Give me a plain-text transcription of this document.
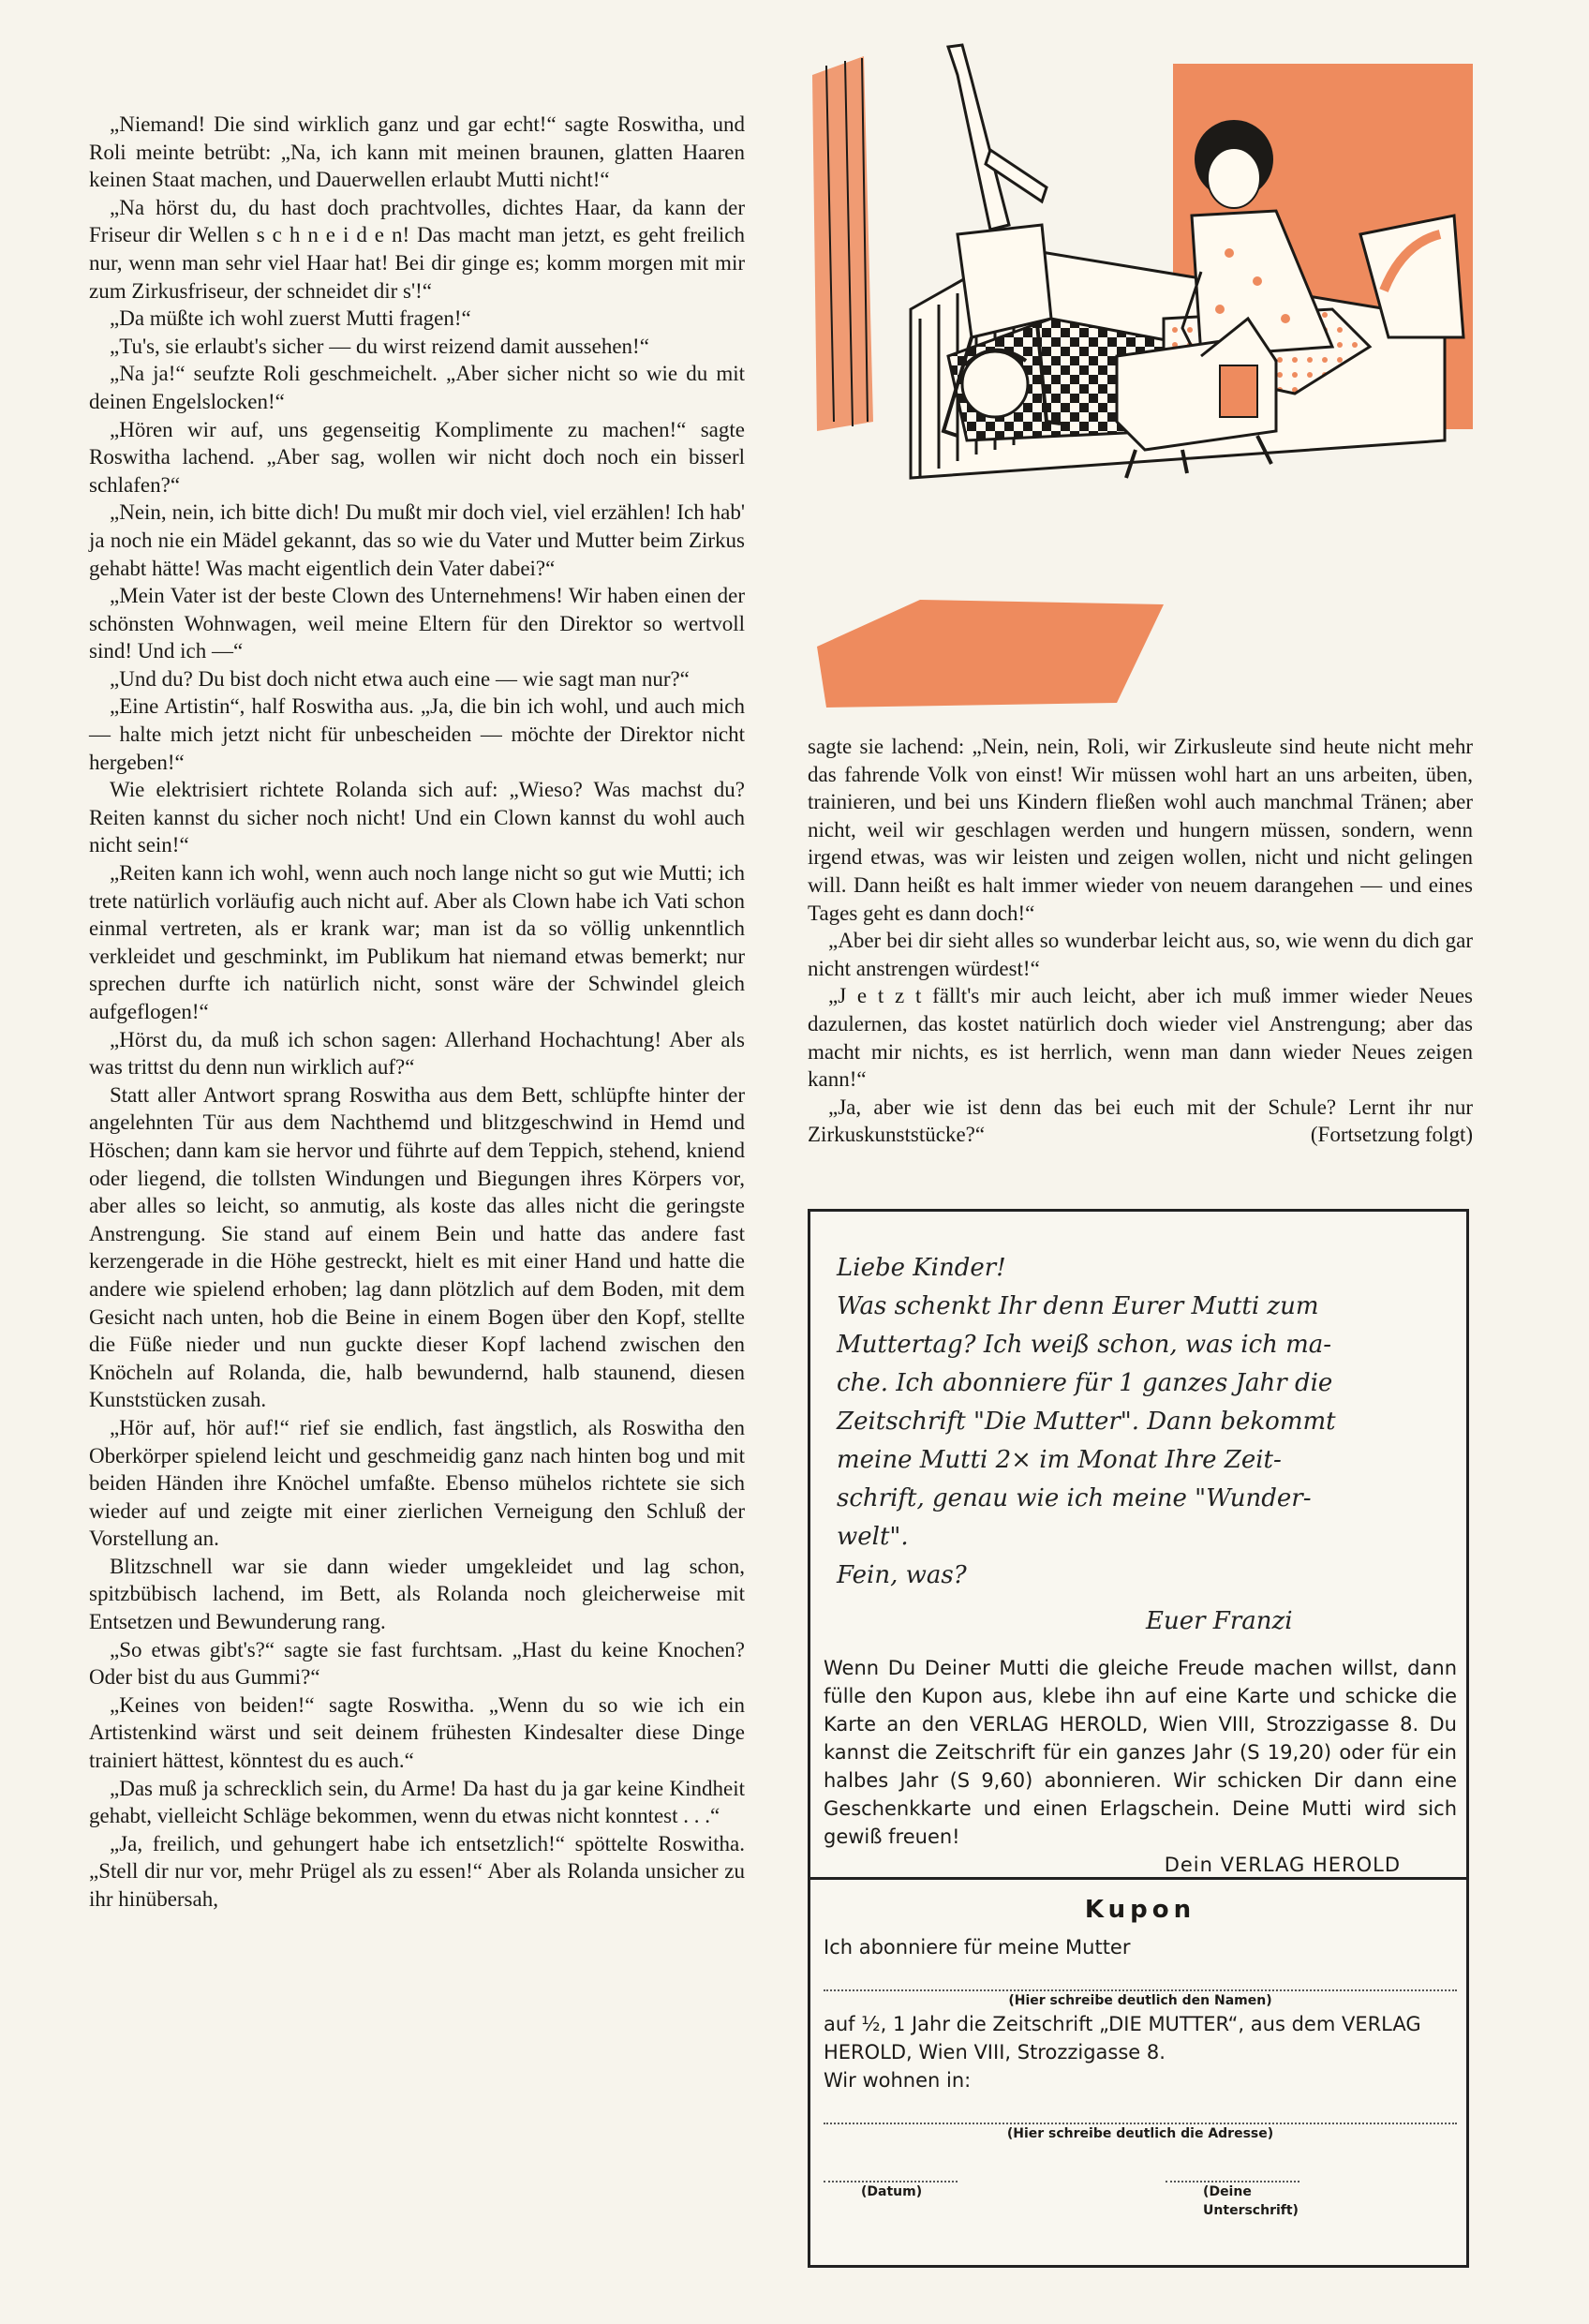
„Niemand! Die sind wirklich ganz und gar echt!“ sagte Roswitha, und Roli meinte betrübt: „Na, ich kann mit meinen braunen, glatten Haaren keinen Staat machen, und Dauerwellen erlaubt Mutti nicht!“

„Na hörst du, du hast doch prachtvolles, dichtes Haar, da kann der Friseur dir Wellen s c h n e i d e n! Das macht man jetzt, es geht freilich nur, wenn man sehr viel Haar hat! Bei dir ginge es; komm morgen mit mir zum Zirkusfriseur, der schneidet dir s'!“

„Da müßte ich wohl zuerst Mutti fragen!“

„Tu's, sie erlaubt's sicher — du wirst reizend damit aussehen!“

„Na ja!“ seufzte Roli geschmeichelt. „Aber sicher nicht so wie du mit deinen Engelslocken!“

„Hören wir auf, uns gegenseitig Komplimente zu machen!“ sagte Roswitha lachend. „Aber sag, wollen wir nicht doch noch ein bisserl schlafen?“

„Nein, nein, ich bitte dich! Du mußt mir doch viel, viel erzählen! Ich hab' ja noch nie ein Mädel gekannt, das so wie du Vater und Mutter beim Zirkus gehabt hätte! Was macht eigentlich dein Vater dabei?“

„Mein Vater ist der beste Clown des Unternehmens! Wir haben einen der schönsten Wohnwagen, weil meine Eltern für den Direktor so wertvoll sind! Und ich —“

„Und du? Du bist doch nicht etwa auch eine — wie sagt man nur?“

„Eine Artistin“, half Roswitha aus. „Ja, die bin ich wohl, und auch mich — halte mich jetzt nicht für unbescheiden — möchte der Direktor nicht hergeben!“

Wie elektrisiert richtete Rolanda sich auf: „Wieso? Was machst du? Reiten kannst du sicher noch nicht! Und ein Clown kannst du wohl auch nicht sein!“

„Reiten kann ich wohl, wenn auch noch lange nicht so gut wie Mutti; ich trete natürlich vorläufig auch nicht auf. Aber als Clown habe ich Vati schon einmal vertreten, als er krank war; man ist da so völlig unkenntlich verkleidet und geschminkt, im Publikum hat niemand etwas bemerkt; nur sprechen durfte ich natürlich nicht, sonst wäre der Schwindel gleich aufgeflogen!“

„Hörst du, da muß ich schon sagen: Allerhand Hochachtung! Aber als was trittst du denn nun wirklich auf?“

Statt aller Antwort sprang Roswitha aus dem Bett, schlüpfte hinter der angelehnten Tür aus dem Nachthemd und blitzgeschwind in Hemd und Höschen; dann kam sie hervor und führte auf dem Teppich, stehend, kniend oder liegend, die tollsten Windungen und Biegungen ihres Körpers vor, aber alles so leicht, so anmutig, als koste das alles nicht die geringste Anstrengung. Sie stand auf einem Bein und hatte das andere fast kerzengerade in die Höhe gestreckt, hielt es mit einer Hand und hatte die andere wie spielend erhoben; lag dann plötzlich auf dem Boden, mit dem Gesicht nach unten, hob die Beine in einem Bogen über den Kopf, stellte die Füße nieder und nun guckte dieser Kopf lachend zwischen den Knöcheln auf Rolanda, die, halb bewundernd, halb staunend, diesen Kunststücken zusah.

„Hör auf, hör auf!“ rief sie endlich, fast ängstlich, als Roswitha den Oberkörper spielend leicht und geschmeidig ganz nach hinten bog und mit beiden Händen ihre Knöchel umfaßte. Ebenso mühelos richtete sie sich wieder auf und zeigte mit einer zierlichen Verneigung den Schluß der Vorstellung an.

Blitzschnell war sie dann wieder umgekleidet und lag schon, spitzbübisch lachend, im Bett, als Rolanda noch gleicherweise mit Entsetzen und Bewunderung rang.

„So etwas gibt's?“ sagte sie fast furchtsam. „Hast du keine Knochen? Oder bist du aus Gummi?“

„Keines von beiden!“ sagte Roswitha. „Wenn du so wie ich ein Artistenkind wärst und seit deinem frühesten Kindesalter diese Dinge trainiert hättest, könntest du es auch.“

„Das muß ja schrecklich sein, du Arme! Da hast du ja gar keine Kindheit gehabt, vielleicht Schläge bekommen, wenn du etwas nicht konntest . . .“

„Ja, freilich, und gehungert habe ich entsetzlich!“ spöttelte Roswitha. „Stell dir nur vor, mehr Prügel als zu essen!“ Aber als Rolanda unsicher zu ihr hinübersah,

sagte sie lachend: „Nein, nein, Roli, wir Zirkusleute sind heute nicht mehr das fahrende Volk von einst! Wir müssen wohl hart an uns arbeiten, üben, trainieren, und bei uns Kindern fließen wohl auch manchmal Tränen; aber nicht, weil wir geschlagen werden und hungern müssen, sondern, wenn irgend etwas, was wir leisten und zeigen wollen, nicht und nicht gelingen will. Dann heißt es halt immer wieder von neuem darangehen — und eines Tages geht es dann doch!“

„Aber bei dir sieht alles so wunderbar leicht aus, so, wie wenn du dich gar nicht anstrengen würdest!“

„J e t z t fällt's mir auch leicht, aber ich muß immer wieder Neues dazulernen, das kostet natürlich doch wieder viel Anstrengung; aber das macht mir nichts, es ist herrlich, wenn man dann wieder Neues zeigen kann!“

„Ja, aber wie ist denn das bei euch mit der Schule? Lernt ihr nur Zirkuskunststücke?“	(Fortsetzung folgt)

Liebe Kinder!
Was schenkt Ihr denn Eurer Mutti zum
Muttertag? Ich weiß schon, was ich ma-
che. Ich abonniere für 1 ganzes Jahr die
Zeitschrift "Die Mutter". Dann bekommt
meine Mutti 2× im Monat Ihre Zeit-
schrift, genau wie ich meine "Wunder-
welt".
Fein, was?
Euer Franzi
Wenn Du Deiner Mutti die gleiche Freude machen willst, dann fülle den Kupon aus, klebe ihn auf eine Karte und schicke die Karte an den VERLAG HEROLD, Wien VIII, Strozzigasse 8. Du kannst die Zeitschrift für ein ganzes Jahr (S 19,20) oder für ein halbes Jahr (S 9,60) abonnieren. Wir schicken Dir dann eine Geschenkkarte und einen Erlagschein. Deine Mutti wird sich gewiß freuen!
Dein VERLAG HEROLD
Kupon
Ich abonniere für meine Mutter
(Hier schreibe deutlich den Namen)
auf ½, 1 Jahr die Zeitschrift „DIE MUTTER“, aus dem VERLAG HEROLD, Wien VIII, Strozzigasse 8.
Wir wohnen in:
(Hier schreibe deutlich die Adresse)
(Datum)	(Deine Unterschrift)
